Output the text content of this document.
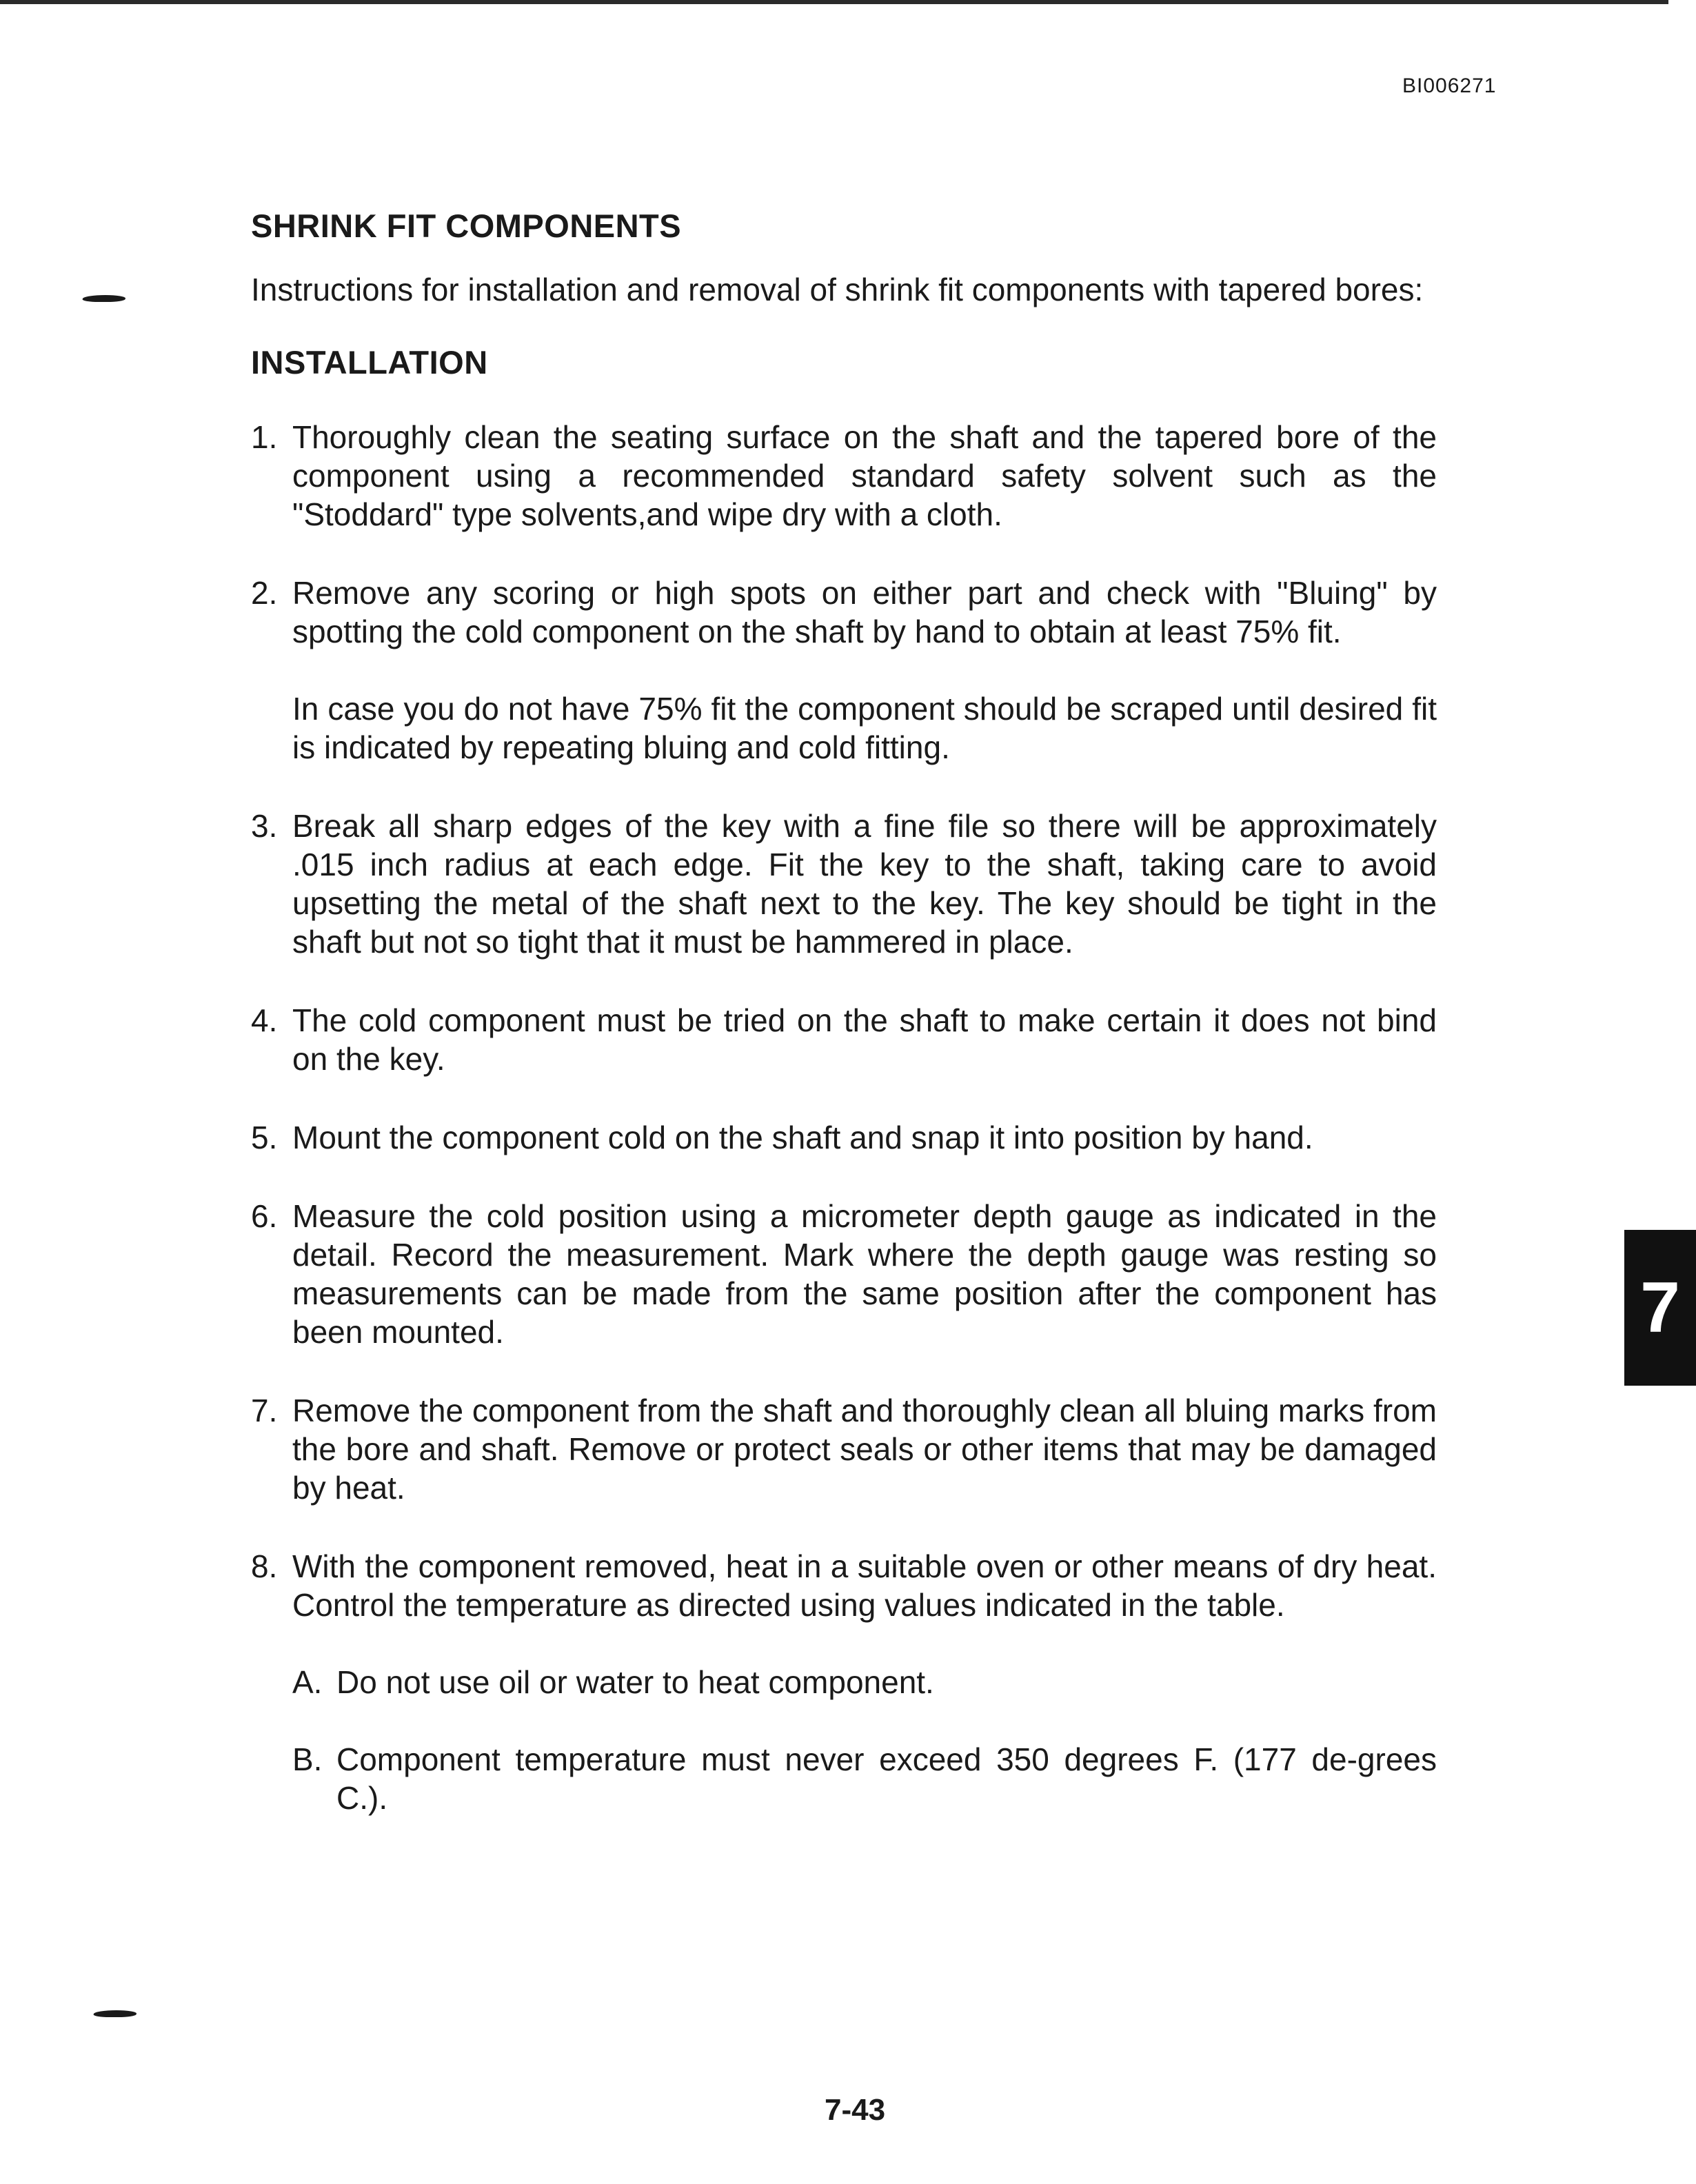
BI006271
SHRINK FIT COMPONENTS

Instructions for installation and removal of shrink fit components with tapered bores:

INSTALLATION
1. Thoroughly clean the seating surface on the shaft and the tapered bore of the component using a recommended standard safety solvent such as the "Stoddard" type solvents,and wipe dry with a cloth.

2. Remove any scoring or high spots on either part and check with "Bluing" by spotting the cold component on the shaft by hand to obtain at least 75% fit.

In case you do not have 75% fit the component should be scraped until desired fit is indicated by repeating bluing and cold fitting.

3. Break all sharp edges of the key with a fine file so there will be approximately .015 inch radius at each edge. Fit the key to the shaft, taking care to avoid upsetting the metal of the shaft next to the key. The key should be tight in the shaft but not so tight that it must be hammered in place.

4. The cold component must be tried on the shaft to make certain it does not bind on the key.

5. Mount the component cold on the shaft and snap it into position by hand.

6. Measure the cold position using a micrometer depth gauge as indicated in the detail. Record the measurement. Mark where the depth gauge was resting so measurements can be made from the same position after the component has been mounted.

7. Remove the component from the shaft and thoroughly clean all bluing marks from the bore and shaft. Remove or protect seals or other items that may be damaged by heat.

8. With the component removed, heat in a suitable oven or other means of dry heat. Control the temperature as directed using values indicated in the table.

A. Do not use oil or water to heat component.
B. Component temperature must never exceed 350 degrees F. (177 de-grees C.).
7
7-43
